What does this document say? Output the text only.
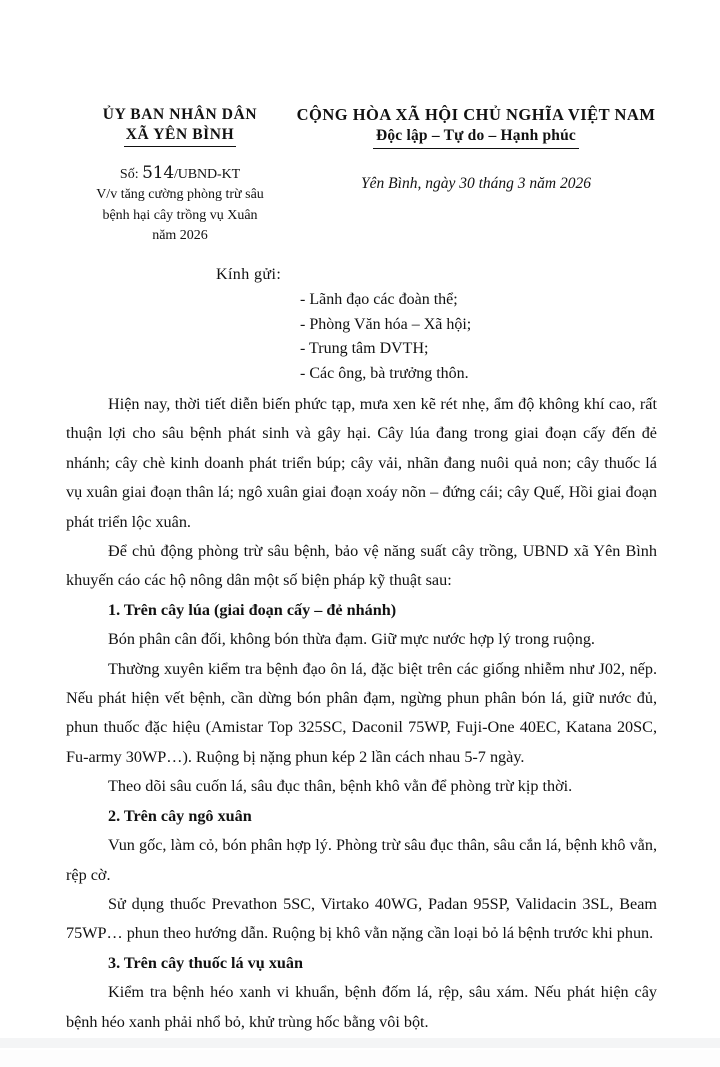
ỦY BAN NHÂN DÂN
XÃ YÊN BÌNH
Số: 514/UBND-KT
V/v tăng cường phòng trừ sâu
bệnh hại cây trồng vụ Xuân
năm 2026
CỘNG HÒA XÃ HỘI CHỦ NGHĨA VIỆT NAM
Độc lập – Tự do – Hạnh phúc
Yên Bình, ngày 30 tháng 3 năm 2026
Kính gửi:
- Lãnh đạo các đoàn thể;
- Phòng Văn hóa – Xã hội;
- Trung tâm DVTH;
- Các ông, bà trưởng thôn.

Hiện nay, thời tiết diễn biến phức tạp, mưa xen kẽ rét nhẹ, ẩm độ không khí cao, rất thuận lợi cho sâu bệnh phát sinh và gây hại. Cây lúa đang trong giai đoạn cấy đến đẻ nhánh; cây chè kinh doanh phát triển búp; cây vải, nhãn đang nuôi quả non; cây thuốc lá vụ xuân giai đoạn thân lá; ngô xuân giai đoạn xoáy nõn – đứng cái; cây Quế, Hồi giai đoạn phát triển lộc xuân.

Để chủ động phòng trừ sâu bệnh, bảo vệ năng suất cây trồng, UBND xã Yên Bình khuyến cáo các hộ nông dân một số biện pháp kỹ thuật sau:

1. Trên cây lúa (giai đoạn cấy – đẻ nhánh)

Bón phân cân đối, không bón thừa đạm. Giữ mực nước hợp lý trong ruộng.

Thường xuyên kiểm tra bệnh đạo ôn lá, đặc biệt trên các giống nhiễm như J02, nếp. Nếu phát hiện vết bệnh, cần dừng bón phân đạm, ngừng phun phân bón lá, giữ nước đủ, phun thuốc đặc hiệu (Amistar Top 325SC, Daconil 75WP, Fuji-One 40EC, Katana 20SC, Fu-army 30WP…). Ruộng bị nặng phun kép 2 lần cách nhau 5-7 ngày.

Theo dõi sâu cuốn lá, sâu đục thân, bệnh khô vằn để phòng trừ kịp thời.

2. Trên cây ngô xuân

Vun gốc, làm cỏ, bón phân hợp lý. Phòng trừ sâu đục thân, sâu cắn lá, bệnh khô vằn, rệp cờ.

Sử dụng thuốc Prevathon 5SC, Virtako 40WG, Padan 95SP, Validacin 3SL, Beam 75WP… phun theo hướng dẫn. Ruộng bị khô vằn nặng cần loại bỏ lá bệnh trước khi phun.

3. Trên cây thuốc lá vụ xuân

Kiểm tra bệnh héo xanh vi khuẩn, bệnh đốm lá, rệp, sâu xám. Nếu phát hiện cây bệnh héo xanh phải nhổ bỏ, khử trùng hốc bằng vôi bột.
